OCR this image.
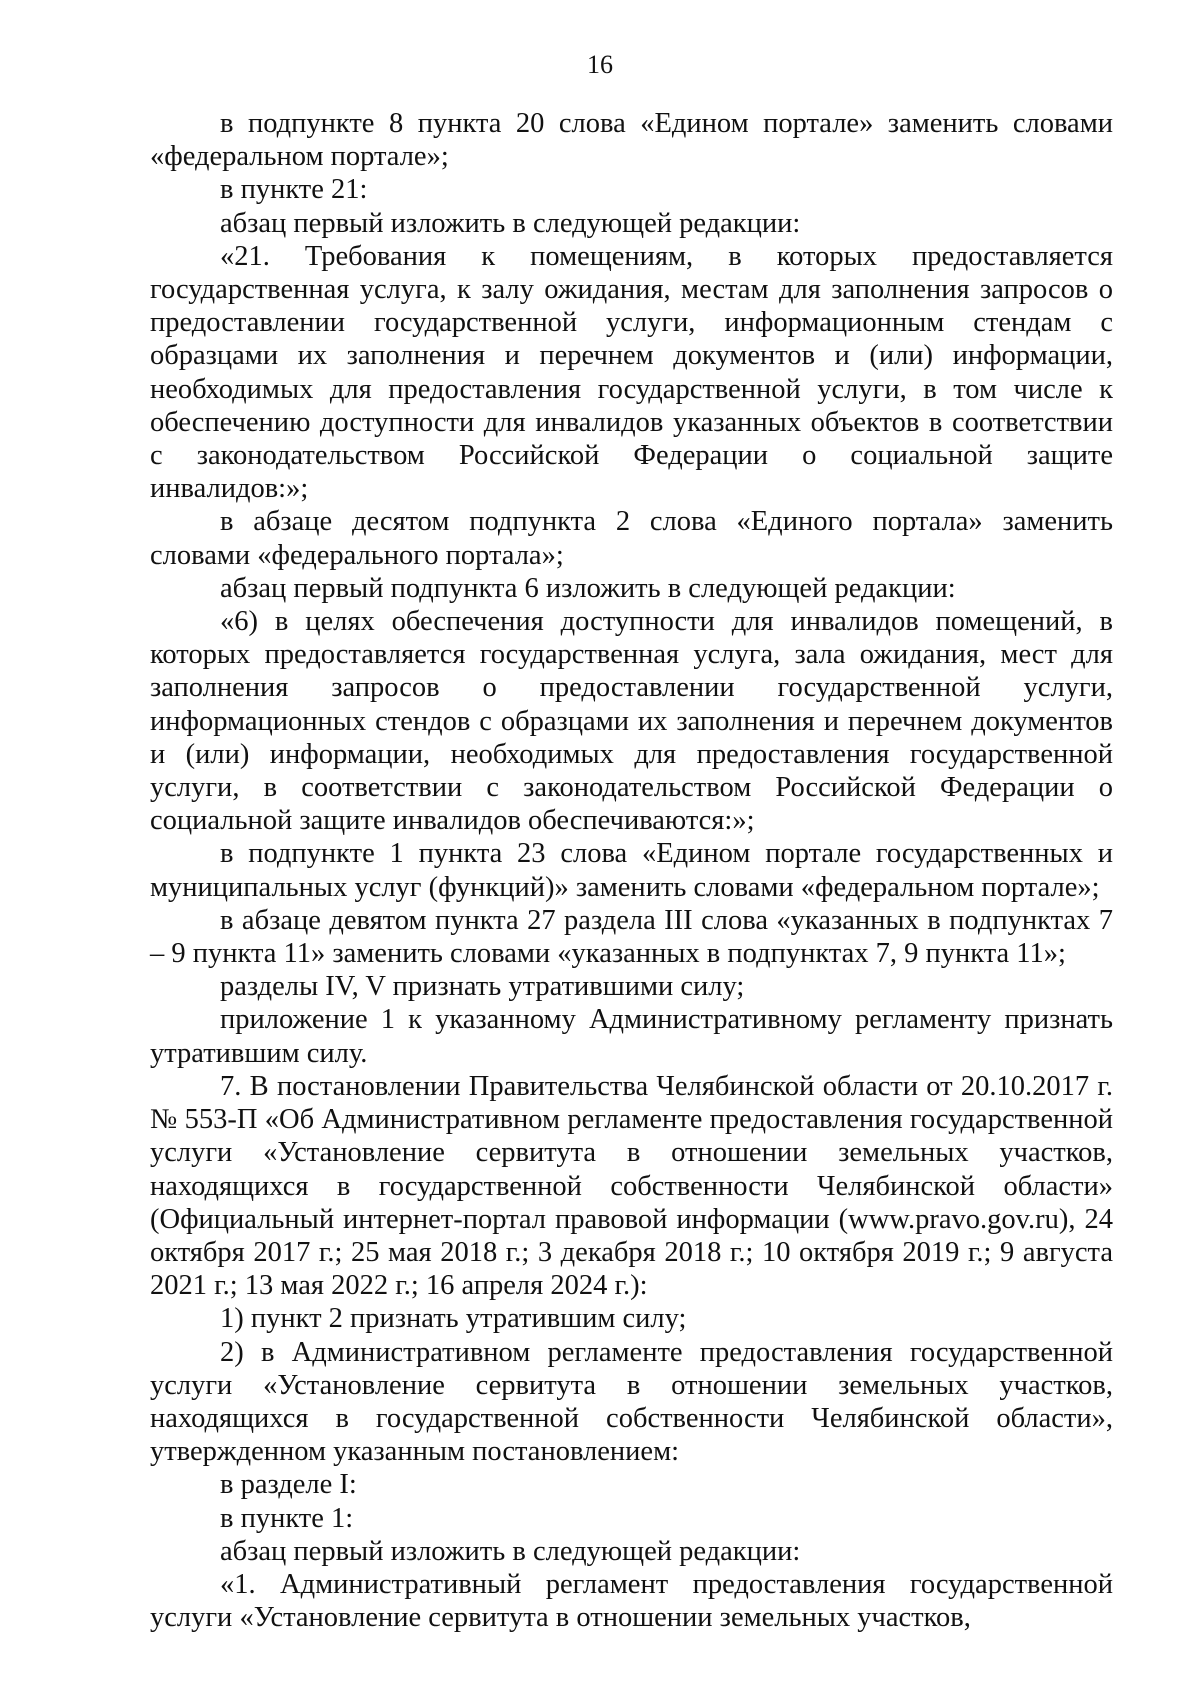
16

в подпункте 8 пункта 20 слова «Едином портале» заменить словами «федеральном портале»;

в пункте 21:

абзац первый изложить в следующей редакции:

«21. Требования к помещениям, в которых предоставляется государственная услуга, к залу ожидания, местам для заполнения запросов о предоставлении государственной услуги, информационным стендам с образцами их заполнения и перечнем документов и (или) информации, необходимых для предоставления государственной услуги, в том числе к обеспечению доступности для инвалидов указанных объектов в соответствии с законодательством Российской Федерации о социальной защите инвалидов:»;

в абзаце десятом подпункта 2 слова «Единого портала» заменить словами «федерального портала»;

абзац первый подпункта 6 изложить в следующей редакции:

«6) в целях обеспечения доступности для инвалидов помещений, в которых предоставляется государственная услуга, зала ожидания, мест для заполнения запросов о предоставлении государственной услуги, информационных стендов с образцами их заполнения и перечнем документов и (или) информации, необходимых для предоставления государственной услуги, в соответствии с законодательством Российской Федерации о социальной защите инвалидов обеспечиваются:»;

в подпункте 1 пункта 23 слова «Едином портале государственных и муниципальных услуг (функций)» заменить словами «федеральном портале»;

в абзаце девятом пункта 27 раздела III слова «указанных в подпунктах 7 – 9 пункта 11» заменить словами «указанных в подпунктах 7, 9 пункта 11»;

разделы IV, V признать утратившими силу;

приложение 1 к указанному Административному регламенту признать утратившим силу.

7. В постановлении Правительства Челябинской области от 20.10.2017 г. № 553-П «Об Административном регламенте предоставления государственной услуги «Установление сервитута в отношении земельных участков, находящихся в государственной собственности Челябинской области» (Официальный интернет-портал правовой информации (www.pravo.gov.ru), 24 октября 2017 г.; 25 мая 2018 г.; 3 декабря 2018 г.; 10 октября 2019 г.; 9 августа 2021 г.; 13 мая 2022 г.; 16 апреля 2024 г.):

1) пункт 2 признать утратившим силу;

2) в Административном регламенте предоставления государственной услуги «Установление сервитута в отношении земельных участков, находящихся в государственной собственности Челябинской области», утвержденном указанным постановлением:

в разделе I:

в пункте 1:

абзац первый изложить в следующей редакции:

«1. Административный регламент предоставления государственной услуги «Установление сервитута в отношении земельных участков,
